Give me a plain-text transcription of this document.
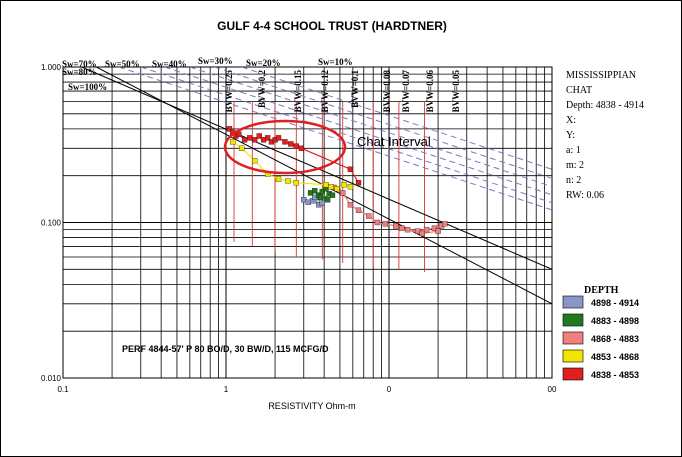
Sw=70% Sw=50% Sw=40% Sw=30% Sw=20%	Sw=10%
Sw=80%
Sw=100%	BVW=0.25	BVW=0.2	BVW=0.15 BVW=0.12 BVW=0.1 BVW=0.08 BVW=0.07 BVW=0.06 BVW=0.05
Chat Interval
GULF 4-4 SCHOOL TRUST (HARDTNER)
RESISTIVITY Ohm-m
0.1	1	0	00
1.000
0.100
0.010
PERF 4844-57' P 80 BO/D, 30 BW/D, 115 MCFG/D
MISSISSIPPIAN
CHAT
Depth: 4838 - 4914
X:
Y:
a: 1
m: 2
n: 2
RW: 0.06
DEPTH
4898 - 4914
4883 - 4898
4868 - 4883
4853 - 4868
4838 - 4853
